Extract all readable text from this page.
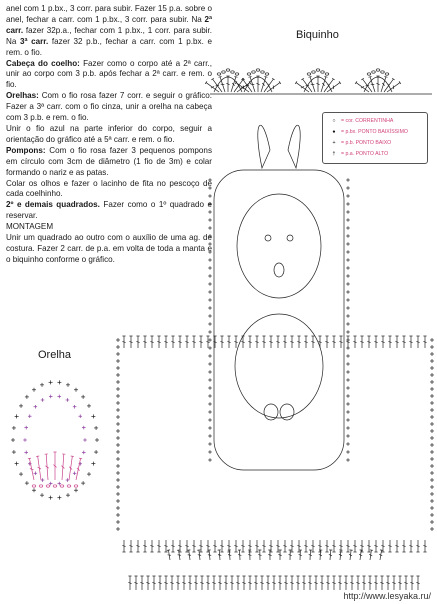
anel com 1 p.bx., 3 corr. para subir. Fazer 15 p.a. sobre o anel, fechar a carr. com 1 p.bx., 3 corr. para subir. Na 2ª carr. fazer 32p.a., fechar com 1 p.bx., 1 corr. para subir. Na 3ª carr. fazer 32 p.b., fechar a carr. com 1 p.bx. e rem. o fio.

Cabeça do coelho: Fazer como o corpo até a 2ª carr., unir ao corpo com 3 p.b. após fechar a 2ª carr. e rem. o fio.

Orelhas: Com o fio rosa fazer 7 corr. e seguir o gráfico. Fazer a 3ª carr. com o fio cinza, unir a orelha na cabeça com 3 p.b. e rem. o fio.

Unir o fio azul na parte inferior do corpo, seguir a orientação do gráfico até a 5ª carr. e rem. o fio.

Pompons: Com o fio rosa fazer 3 pequenos pompons em círculo com 3cm de diâmetro (1 fio de 3m) e colar formando o nariz e as patas.

Colar os olhos e fazer o lacinho de fita no pescoço de cada coelhinho.

2º e demais quadrados. Fazer como o 1º quadrado e reservar.

MONTAGEM

Unir um quadrado ao outro com o auxílio de uma ag. de costura. Fazer 2 carr. de p.a. em volta de toda a manta e o biquinho conforme o gráfico.

Biquinho
Orelha
○ = cor. CORRENTINHA
● = p.bx. PONTO BAIXÍSSIMO
+ = p.b. PONTO BAIXO
† = p.a. PONTO ALTO
http://www.lesyaka.ru/
